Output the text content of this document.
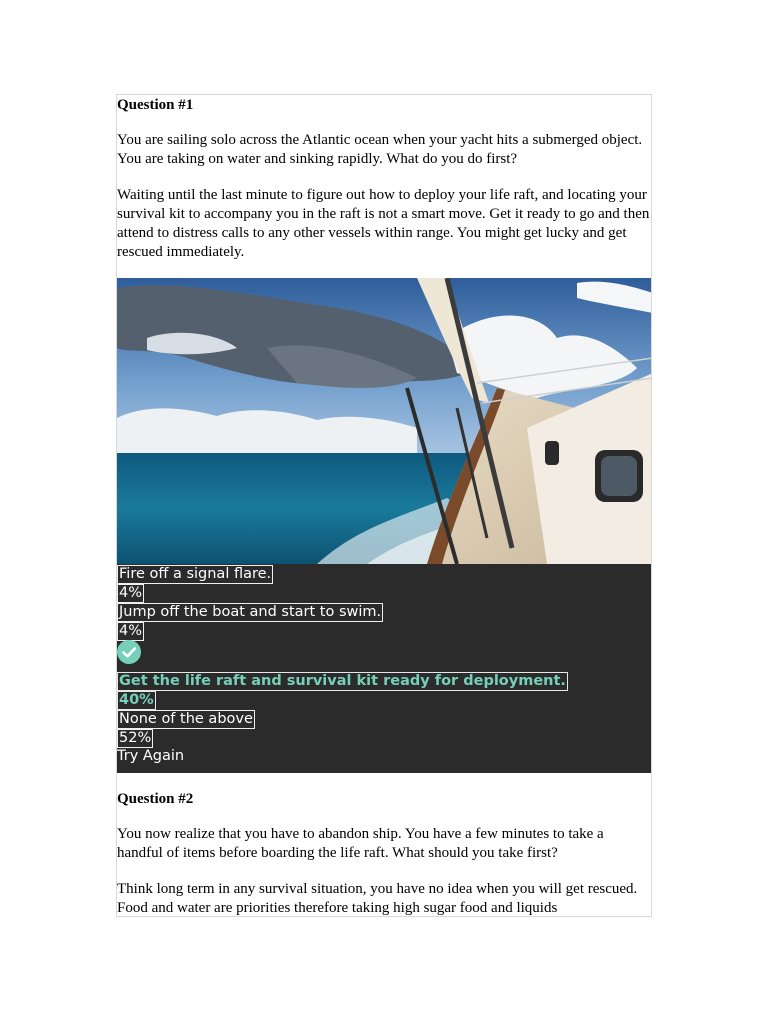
Question #1

You are sailing solo across the Atlantic ocean when your yacht hits a submerged object. You are taking on water and sinking rapidly. What do you do first?

Waiting until the last minute to figure out how to deploy your life raft, and locating your survival kit to accompany you in the raft is not a smart move. Get it ready to go and then attend to distress calls to any other vessels within range. You might get lucky and get rescued immediately.

Fire off a signal flare.
4%
Jump off the boat and start to swim.
4%
Get the life raft and survival kit ready for deployment.
40%
None of the above
52%
Try Again
Question #2

You now realize that you have to abandon ship. You have a few minutes to take a handful of items before boarding the life raft. What should you take first?

Think long term in any survival situation, you have no idea when you will get rescued. Food and water are priorities therefore taking high sugar food and liquids
